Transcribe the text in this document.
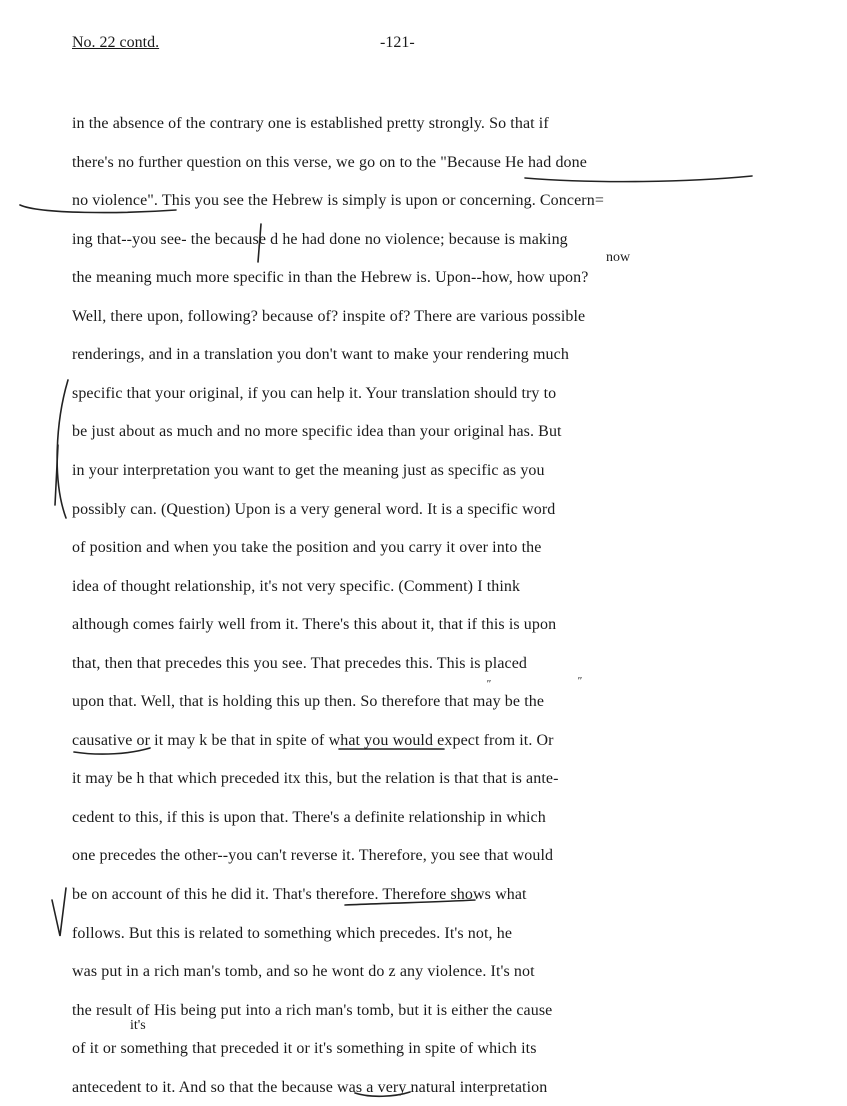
No. 22 contd.	-121-
now
"	"
it's
in the absence of the contrary one is established pretty strongly. So that if
there's no further question on this verse, we go on to the "Because He had done
no violence". This you see the Hebrew is simply is upon or concerning. Concern=
ing that--you see- the because d he had done no violence; because is making
the meaning much more specific in than the Hebrew is. Upon--how, how upon?
Well, there upon, following? because of? inspite of? There are various possible
renderings, and in a translation you don't want to make your rendering much
specific that your original, if you can help it. Your translation should try to
be just about as much and no more specific idea than your original has. But
in your interpretation you want to get the meaning just as specific as you
possibly can. (Question) Upon is a very general word. It is a specific word
of position and when you take the position and you carry it over into the
idea of thought relationship, it's not very specific. (Comment) I think
although comes fairly well from it. There's this about it, that if this is upon
that, then that precedes this you see. That precedes this. This is placed
upon that. Well, that is holding this up then. So therefore that may be the
causative or it may k be that in spite of what you would expect from it. Or
it may be h that which preceded itx this, but the relation is that that is ante-
cedent to this, if this is upon that. There's a definite relationship in which
one precedes the other--you can't reverse it. Therefore, you see that would
be on account of this he did it. That's therefore. Therefore shows what
follows. But this is related to something which precedes. It's not, he
was put in a rich man's tomb, and so he wont do z any violence. It's not
the result of His being put into a rich man's tomb, but it is either the cause
of it or something that preceded it or it's something in spite of which its
antecedent to it. And so that the because was a very natural interpretation
